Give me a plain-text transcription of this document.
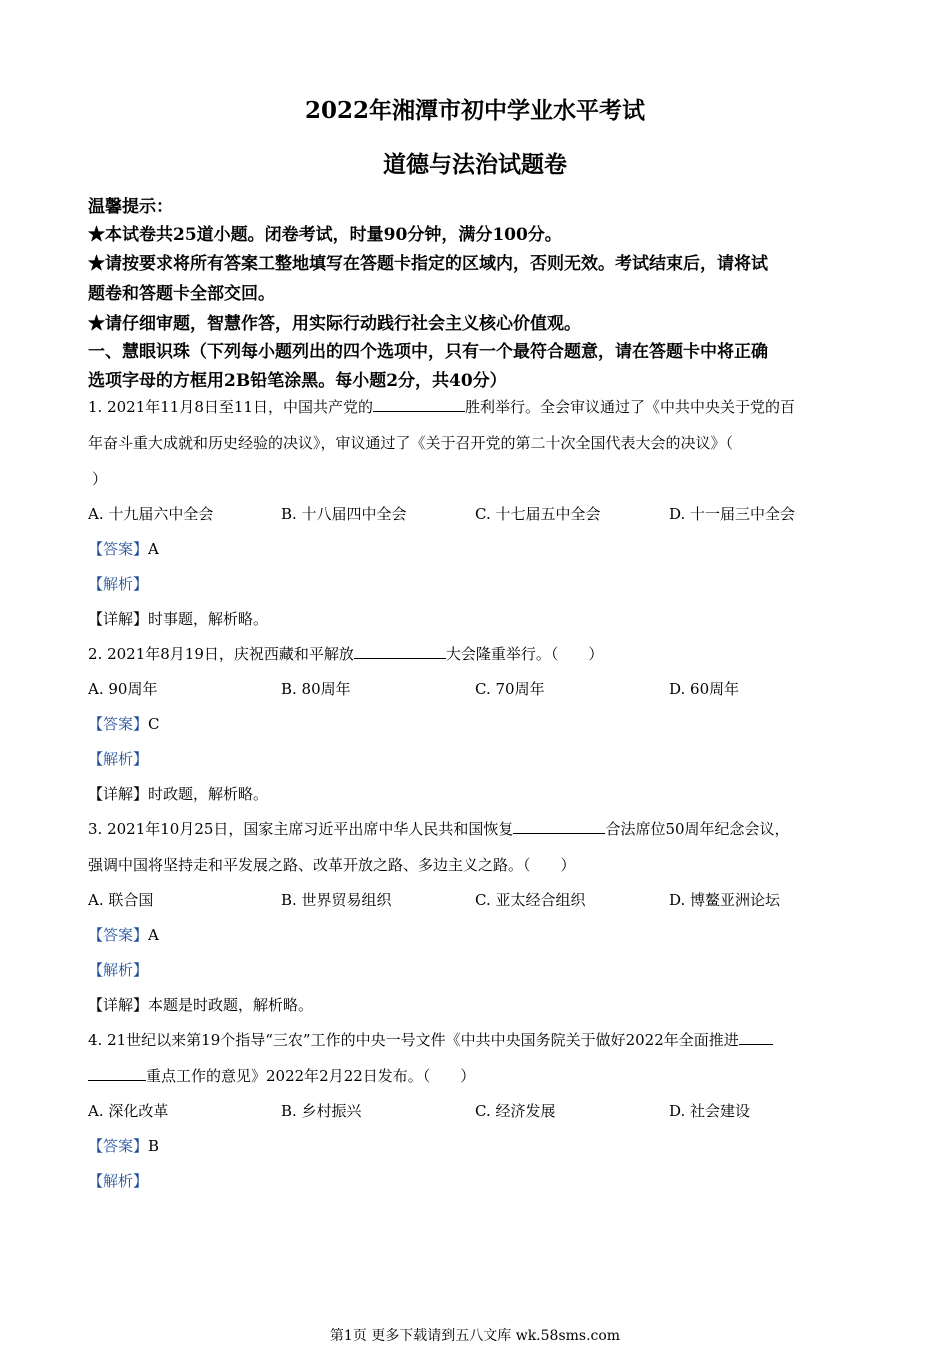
2022年湘潭市初中学业水平考试
道德与法治试题卷
温馨提示：
★本试卷共25道小题。闭卷考试，时量90分钟，满分100分。
★请按要求将所有答案工整地填写在答题卡指定的区域内，否则无效。考试结束后，请将试
题卷和答题卡全部交回。
★请仔细审题，智慧作答，用实际行动践行社会主义核心价值观。
一、慧眼识珠（下列每小题列出的四个选项中，只有一个最符合题意，请在答题卡中将正确
选项字母的方框用2B铅笔涂黑。每小题2分，共40分）
1. 2021年11月8日至11日，中国共产党的	胜利举行。全会审议通过了《中共中央关于党的百
年奋斗重大成就和历史经验的决议》，审议通过了《关于召开党的第二十次全国代表大会的决议》（
）
A. 十九届六中全会	B. 十八届四中全会	C. 十七届五中全会	D. 十一届三中全会
【答案】A
【解析】
【详解】时事题，解析略。
2. 2021年8月19日，庆祝西藏和平解放	大会隆重举行。（　　）
A. 90周年	B. 80周年	C. 70周年	D. 60周年
【答案】C
【解析】
【详解】时政题，解析略。
3. 2021年10月25日，国家主席习近平出席中华人民共和国恢复	合法席位50周年纪念会议，
强调中国将坚持走和平发展之路、改革开放之路、多边主义之路。（　　）
A. 联合国	B. 世界贸易组织	C. 亚太经合组织	D. 博鳌亚洲论坛
【答案】A
【解析】
【详解】本题是时政题，解析略。
4. 21世纪以来第19个指导“三农”工作的中央一号文件《中共中央国务院关于做好2022年全面推进
重点工作的意见》2022年2月22日发布。（　　）
A. 深化改革	B. 乡村振兴	C. 经济发展	D. 社会建设
【答案】B
【解析】
第1页 更多下载请到五八文库 wk.58sms.com
